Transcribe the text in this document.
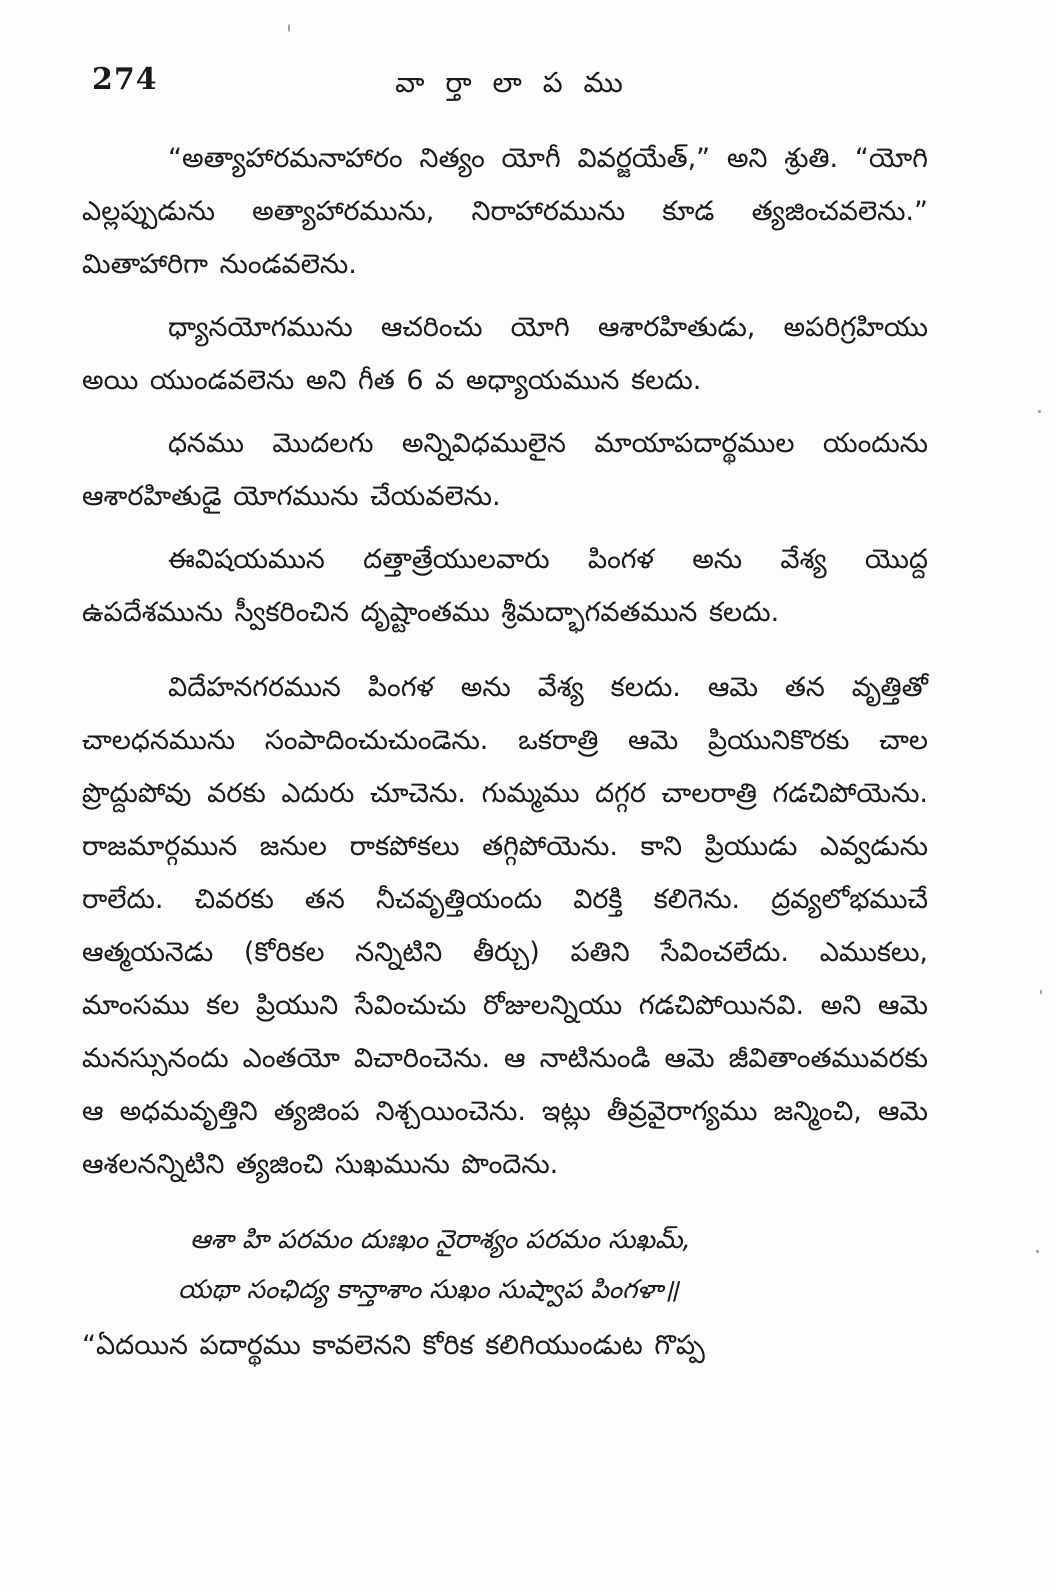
274	వా ర్తా లా ప ము

“అత్యాహారమనాహారం నిత్యం యోగీ వివర్జయేత్,” అని శ్రుతి. “యోగి ఎల్లప్పుడును అత్యాహారమును, నిరాహారమును కూడ త్యజించవలెను.” మితాహారిగా నుండవలెను.

ధ్యానయోగమును ఆచరించు యోగి ఆశారహితుడు, అపరిగ్రహియు అయి యుండవలెను అని గీత 6 వ అధ్యాయమున కలదు.

ధనము మొదలగు అన్నివిధములైన మాయాపదార్థముల యందును ఆశారహితుడై యోగమును చేయవలెను.

ఈవిషయమున దత్తాత్రేయులవారు పింగళ అను వేశ్య యొద్ద ఉపదేశమును స్వీకరించిన దృష్టాంతము శ్రీమద్భాగవతమున కలదు.

విదేహనగరమున పింగళ అను వేశ్య కలదు. ఆమె తన వృత్తితో చాలధనమును సంపాదించుచుండెను. ఒకరాత్రి ఆమె ప్రియునికొరకు చాల ప్రొద్దుపోవు వరకు ఎదురు చూచెను. గుమ్మము దగ్గర చాలరాత్రి గడచిపోయెను. రాజమార్గమున జనుల రాకపోకలు తగ్గిపోయెను. కాని ప్రియుడు ఎవ్వడును రాలేదు. చివరకు తన నీచవృత్తియందు విరక్తి కలిగెను. ద్రవ్యలోభముచే ఆత్మయనెడు (కోరికల నన్నిటిని తీర్చు) పతిని సేవించలేదు. ఎముకలు, మాంసము కల ప్రియుని సేవించుచు రోజులన్నియు గడచిపోయినవి. అని ఆమె మనస్సునందు ఎంతయో విచారించెను. ఆ నాటినుండి ఆమె జీవితాంతమువరకు ఆ అధమవృత్తిని త్యజింప నిశ్చయించెను. ఇట్లు తీవ్రవైరాగ్యము జన్మించి, ఆమె ఆశలనన్నిటిని త్యజించి సుఖమును పొందెను.

ఆశా హి పరమం దుఃఖం నైరాశ్యం పరమం సుఖమ్,
యథా సంఛిద్య కాన్తాశాం సుఖం సుష్వాప పింగళా॥

“ఏదయిన పదార్థము కావలెనని కోరిక కలిగియుండుట గొప్ప
